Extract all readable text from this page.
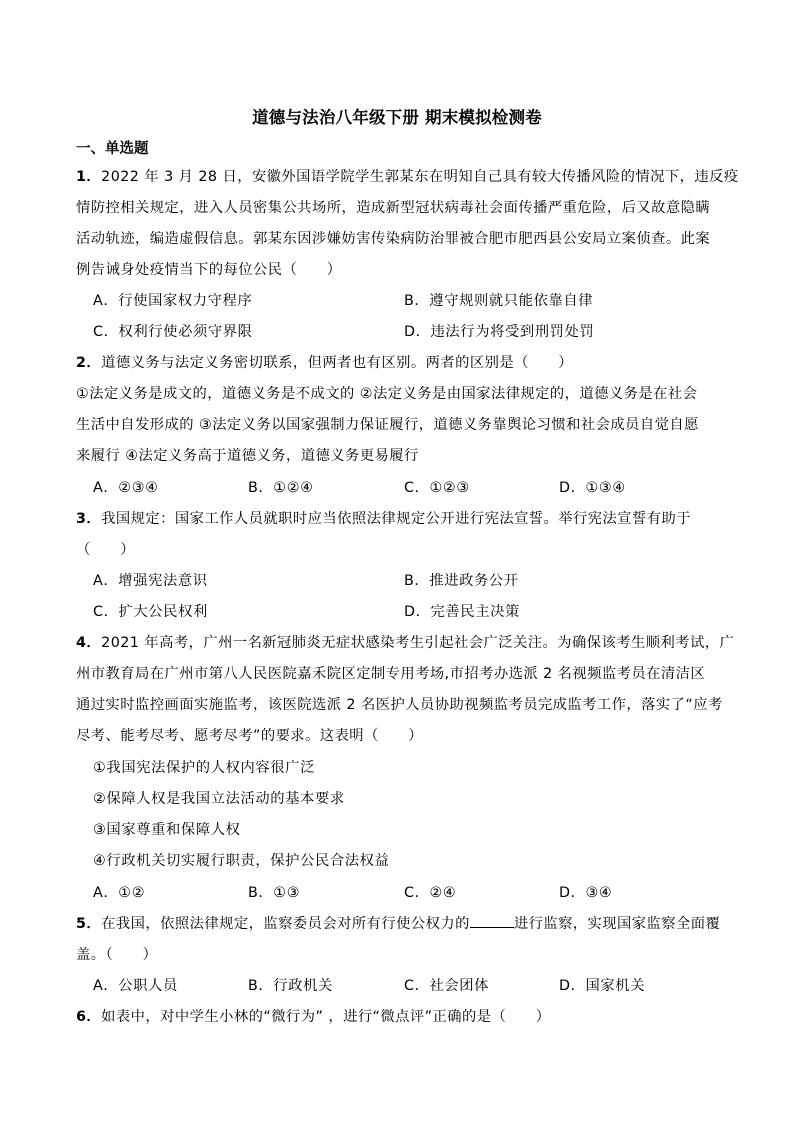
道德与法治八年级下册 期末模拟检测卷
一、单选题
1．2022 年 3 月 28 日，安徽外国语学院学生郭某东在明知自己具有较大传播风险的情况下，违反疫
情防控相关规定，进入人员密集公共场所，造成新型冠状病毒社会面传播严重危险，后又故意隐瞒
活动轨迹，编造虚假信息。郭某东因涉嫌妨害传染病防治罪被合肥市肥西县公安局立案侦查。此案
例告诫身处疫情当下的每位公民（　　）
A．行使国家权力守程序	B．遵守规则就只能依靠自律
C．权利行使必须守界限	D．违法行为将受到刑罚处罚
2．道德义务与法定义务密切联系，但两者也有区别。两者的区别是（　　）
①法定义务是成文的，道德义务是不成文的 ②法定义务是由国家法律规定的，道德义务是在社会
生活中自发形成的 ③法定义务以国家强制力保证履行，道德义务靠舆论习惯和社会成员自觉自愿
来履行 ④法定义务高于道德义务，道德义务更易履行
A．②③④	B．①②④	C．①②③	D．①③④
3．我国规定：国家工作人员就职时应当依照法律规定公开进行宪法宣誓。举行宪法宣誓有助于
（　　）
A．增强宪法意识	B．推进政务公开
C．扩大公民权利	D．完善民主决策
4．2021 年高考，广州一名新冠肺炎无症状感染考生引起社会广泛关注。为确保该考生顺利考试，广
州市教育局在广州市第八人民医院嘉禾院区定制专用考场,市招考办选派 2 名视频监考员在清洁区
通过实时监控画面实施监考，该医院选派 2 名医护人员协助视频监考员完成监考工作，落实了“应考
尽考、能考尽考、愿考尽考”的要求。这表明（　　）
①我国宪法保护的人权内容很广泛
②保障人权是我国立法活动的基本要求
③国家尊重和保障人权
④行政机关切实履行职责，保护公民合法权益
A．①②	B．①③	C．②④	D．③④
5．在我国，依照法律规定，监察委员会对所有行使公权力的	进行监察，实现国家监察全面覆
盖。（　　）
A．公职人员	B．行政机关	C．社会团体	D．国家机关
6．如表中，对中学生小林的“微行为” ，进行“微点评”正确的是（　　）
